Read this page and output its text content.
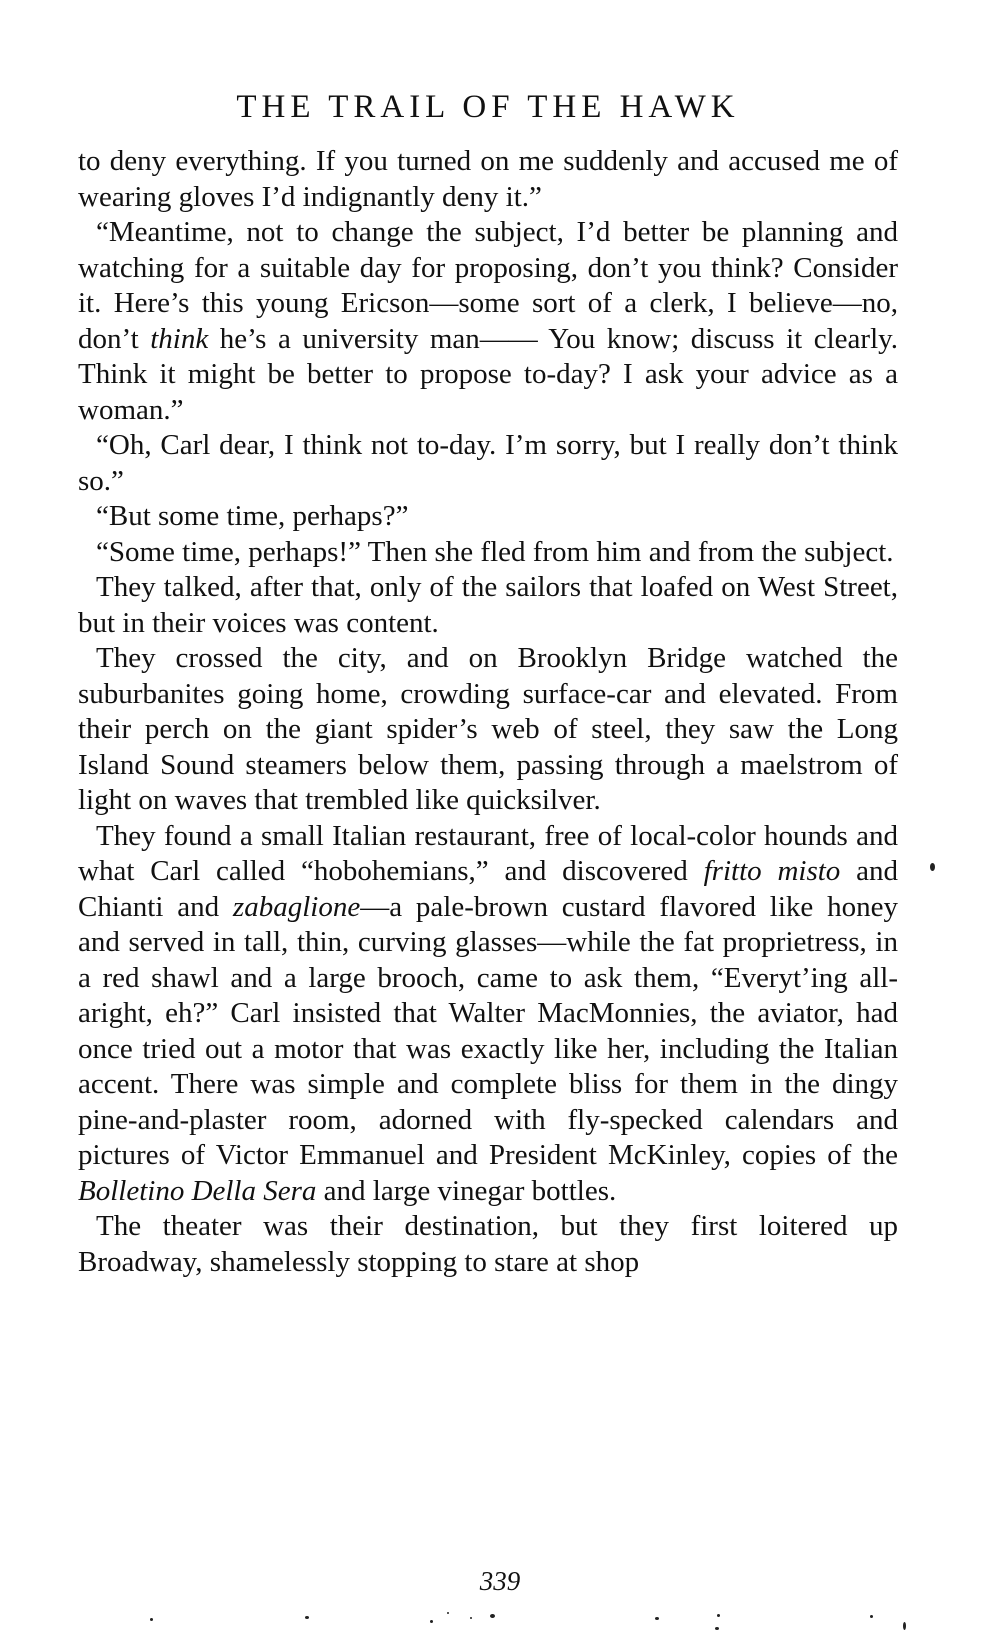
THE TRAIL OF THE HAWK

to deny everything. If you turned on me suddenly and accused me of wearing gloves I’d indignantly deny it.”

“Meantime, not to change the subject, I’d better be planning and watching for a suitable day for proposing, don’t you think? Consider it. Here’s this young Ericson—some sort of a clerk, I believe—no, don’t think he’s a university man—— You know; discuss it clearly. Think it might be better to propose to-day? I ask your advice as a woman.”

“Oh, Carl dear, I think not to-day. I’m sorry, but I really don’t think so.”

“But some time, perhaps?”

“Some time, perhaps!” Then she fled from him and from the subject.

They talked, after that, only of the sailors that loafed on West Street, but in their voices was content.

They crossed the city, and on Brooklyn Bridge watched the suburbanites going home, crowding surface-car and elevated. From their perch on the giant spider’s web of steel, they saw the Long Island Sound steamers below them, passing through a maelstrom of light on waves that trembled like quicksilver.

They found a small Italian restaurant, free of local-color hounds and what Carl called “hobohemians,” and discovered fritto misto and Chianti and zabaglione—a pale-brown custard flavored like honey and served in tall, thin, curving glasses—while the fat proprietress, in a red shawl and a large brooch, came to ask them, “Everyt’ing all-aright, eh?” Carl insisted that Walter MacMonnies, the aviator, had once tried out a motor that was exactly like her, including the Italian accent. There was simple and complete bliss for them in the dingy pine-and-plaster room, adorned with fly-specked calendars and pictures of Victor Emmanuel and President McKinley, copies of the Bolletino Della Sera and large vinegar bottles.

The theater was their destination, but they first loitered up Broadway, shamelessly stopping to stare at shop

339
